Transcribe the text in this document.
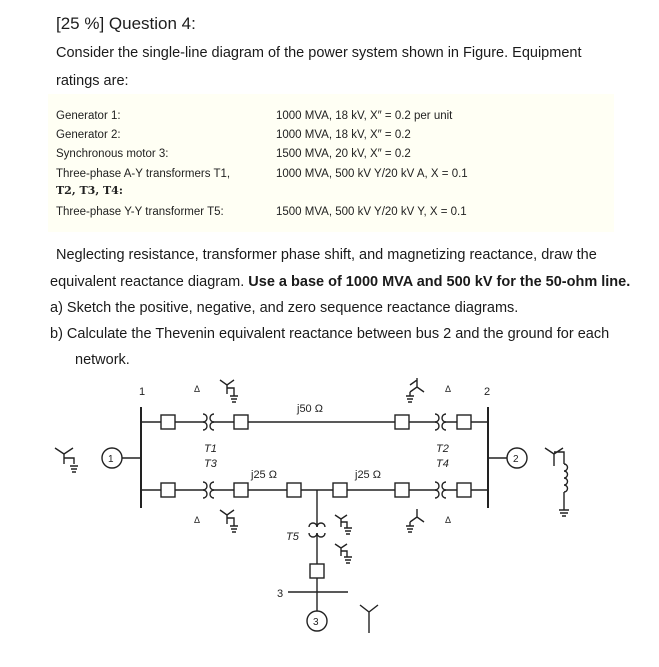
[25 %] Question 4:
Consider the single-line diagram of the power system shown in Figure. Equipment
ratings are:
Generator 1:	1000 MVA, 18 kV, X″ = 0.2 per unit
Generator 2:	1000 MVA, 18 kV, X″ = 0.2
Synchronous motor 3:	1500 MVA, 20 kV, X″ = 0.2
Three-phase A-Y transformers T1,
T2, T3, T4:
1000 MVA, 500 kV Y/20 kV A, X = 0.1
Three-phase Y-Y transformer T5:	1500 MVA, 500 kV Y/20 kV Y, X = 0.1
Neglecting resistance, transformer phase shift, and magnetizing reactance, draw the
equivalent reactance diagram. Use a base of 1000 MVA and 500 kV for the 50-ohm line.
a) Sketch the positive, negative, and zero sequence reactance diagrams.
b) Calculate the Thevenin equivalent reactance between bus 2 and the ground for each
network.
1	2
3
1	2
3
T1
T3
T2
T4
T5
j50 Ω
j25 Ω	j25 Ω
Δ	Δ
Δ	Δ
